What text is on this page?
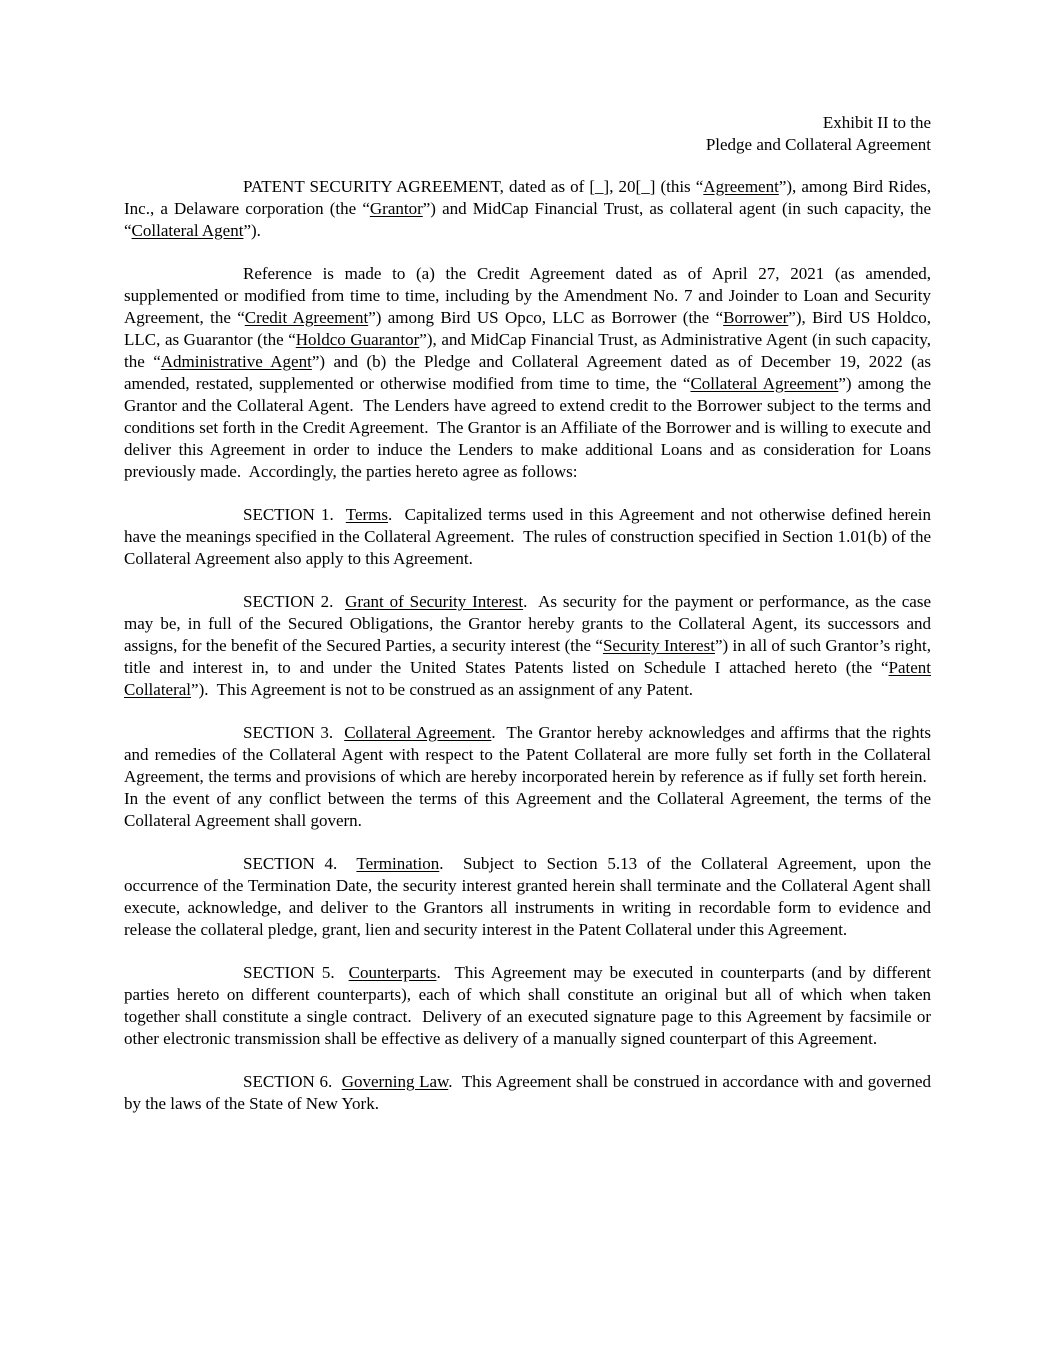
Exhibit II to the
Pledge and Collateral Agreement

PATENT SECURITY AGREEMENT, dated as of [_], 20[_] (this “Agreement”), among Bird Rides, Inc., a Delaware corporation (the “Grantor”) and MidCap Financial Trust, as collateral agent (in such capacity, the “Collateral Agent”).

Reference is made to (a) the Credit Agreement dated as of April 27, 2021 (as amended, supplemented or modified from time to time, including by the Amendment No. 7 and Joinder to Loan and Security Agreement, the “Credit Agreement”) among Bird US Opco, LLC as Borrower (the “Borrower”), Bird US Holdco, LLC, as Guarantor (the “Holdco Guarantor”), and MidCap Financial Trust, as Administrative Agent (in such capacity, the “Administrative Agent”) and (b) the Pledge and Collateral Agreement dated as of December 19, 2022 (as amended, restated, supplemented or otherwise modified from time to time, the “Collateral Agreement”) among the Grantor and the Collateral Agent.  The Lenders have agreed to extend credit to the Borrower subject to the terms and conditions set forth in the Credit Agreement.  The Grantor is an Affiliate of the Borrower and is willing to execute and deliver this Agreement in order to induce the Lenders to make additional Loans and as consideration for Loans previously made.  Accordingly, the parties hereto agree as follows:

SECTION 1.  Terms.  Capitalized terms used in this Agreement and not otherwise defined herein have the meanings specified in the Collateral Agreement.  The rules of construction specified in Section 1.01(b) of the Collateral Agreement also apply to this Agreement.

SECTION 2.  Grant of Security Interest.  As security for the payment or performance, as the case may be, in full of the Secured Obligations, the Grantor hereby grants to the Collateral Agent, its successors and assigns, for the benefit of the Secured Parties, a security interest (the “Security Interest”) in all of such Grantor’s right, title and interest in, to and under the United States Patents listed on Schedule I attached hereto (the “Patent Collateral”).  This Agreement is not to be construed as an assignment of any Patent.

SECTION 3.  Collateral Agreement.  The Grantor hereby acknowledges and affirms that the rights and remedies of the Collateral Agent with respect to the Patent Collateral are more fully set forth in the Collateral Agreement, the terms and provisions of which are hereby incorporated herein by reference as if fully set forth herein.  In the event of any conflict between the terms of this Agreement and the Collateral Agreement, the terms of the Collateral Agreement shall govern.

SECTION 4.  Termination.  Subject to Section 5.13 of the Collateral Agreement, upon the occurrence of the Termination Date, the security interest granted herein shall terminate and the Collateral Agent shall execute, acknowledge, and deliver to the Grantors all instruments in writing in recordable form to evidence and release the collateral pledge, grant, lien and security interest in the Patent Collateral under this Agreement.

SECTION 5.  Counterparts.  This Agreement may be executed in counterparts (and by different parties hereto on different counterparts), each of which shall constitute an original but all of which when taken together shall constitute a single contract.  Delivery of an executed signature page to this Agreement by facsimile or other electronic transmission shall be effective as delivery of a manually signed counterpart of this Agreement.

SECTION 6.  Governing Law.  This Agreement shall be construed in accordance with and governed by the laws of the State of New York.
